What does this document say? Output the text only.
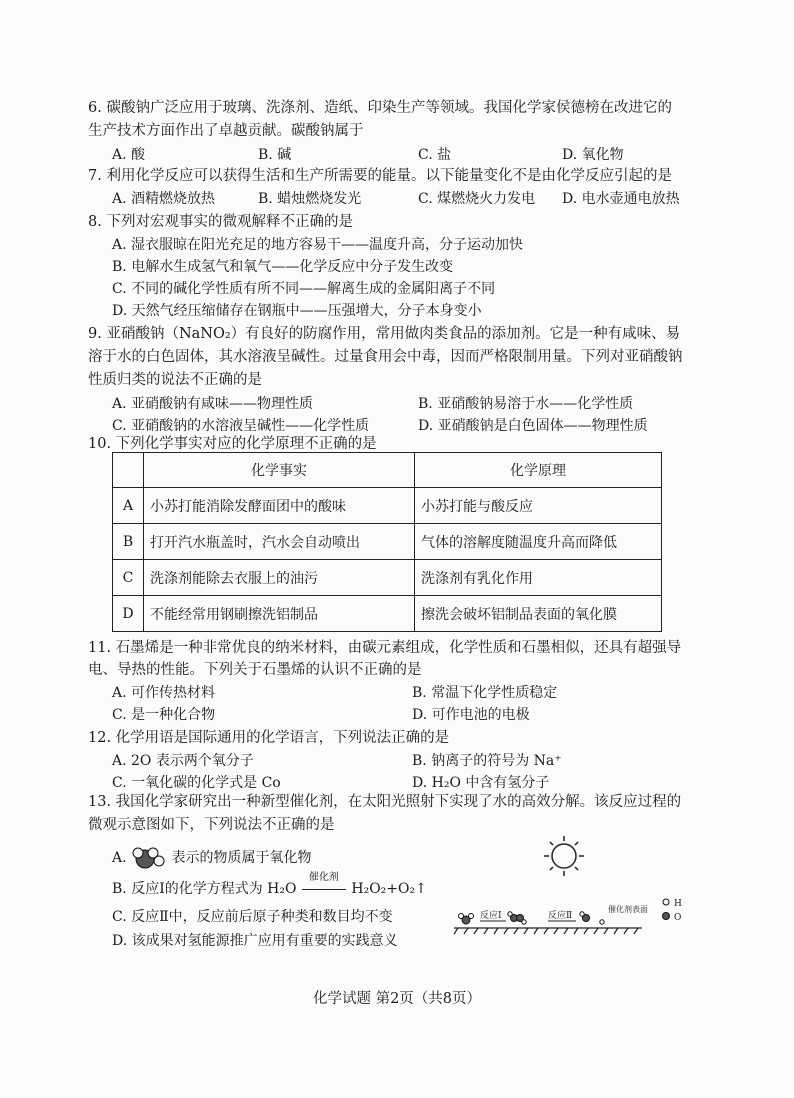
6. 碳酸钠广泛应用于玻璃、洗涤剂、造纸、印染生产等领域。我国化学家侯德榜在改进它的
生产技术方面作出了卓越贡献。碳酸钠属于
A. 酸	B. 碱	C. 盐	D. 氧化物
7. 利用化学反应可以获得生活和生产所需要的能量。以下能量变化不是由化学反应引起的是
A. 酒精燃烧放热	B. 蜡烛燃烧发光	C. 煤燃烧火力发电 D. 电水壶通电放热
8. 下列对宏观事实的微观解释不正确的是
A. 湿衣服晾在阳光充足的地方容易干——温度升高，分子运动加快
B. 电解水生成氢气和氧气——化学反应中分子发生改变
C. 不同的碱化学性质有所不同——解离生成的金属阳离子不同
D. 天然气经压缩储存在钢瓶中——压强增大，分子本身变小
9. 亚硝酸钠（NaNO₂）有良好的防腐作用，常用做肉类食品的添加剂。它是一种有咸味、易
溶于水的白色固体，其水溶液呈碱性。过量食用会中毒，因而严格限制用量。下列对亚硝酸钠
性质归类的说法不正确的是
A. 亚硝酸钠有咸味——物理性质	B. 亚硝酸钠易溶于水——化学性质
C. 亚硝酸钠的水溶液呈碱性——化学性质	D. 亚硝酸钠是白色固体——物理性质
10. 下列化学事实对应的化学原理不正确的是
	化学事实	化学原理
A	小苏打能消除发酵面团中的酸味	小苏打能与酸反应
B	打开汽水瓶盖时，汽水会自动喷出	气体的溶解度随温度升高而降低
C	洗涤剂能除去衣服上的油污	洗涤剂有乳化作用
D	不能经常用钢刷擦洗铝制品	擦洗会破坏铝制品表面的氧化膜
11. 石墨烯是一种非常优良的纳米材料，由碳元素组成，化学性质和石墨相似，还具有超强导
电、导热的性能。下列关于石墨烯的认识不正确的是
A. 可作传热材料	B. 常温下化学性质稳定
C. 是一种化合物	D. 可作电池的电极
12. 化学用语是国际通用的化学语言，下列说法正确的是
A. 2O 表示两个氧分子	B. 钠离子的符号为 Na⁺
C. 一氧化碳的化学式是 Co	D. H₂O 中含有氢分子
13. 我国化学家研究出一种新型催化剂，在太阳光照射下实现了水的高效分解。该反应过程的
微观示意图如下，下列说法不正确的是
A.	表示的物质属于氧化物
B. 反应Ⅰ的化学方程式为 H₂O
催化剂
H₂O₂+O₂↑
C. 反应Ⅱ中，反应前后原子种类和数目均不变
D. 该成果对氢能源推广应用有重要的实践意义
反应Ⅰ	反应Ⅱ
催化剂表面
H
O
化学试题 第2页（共8页）
